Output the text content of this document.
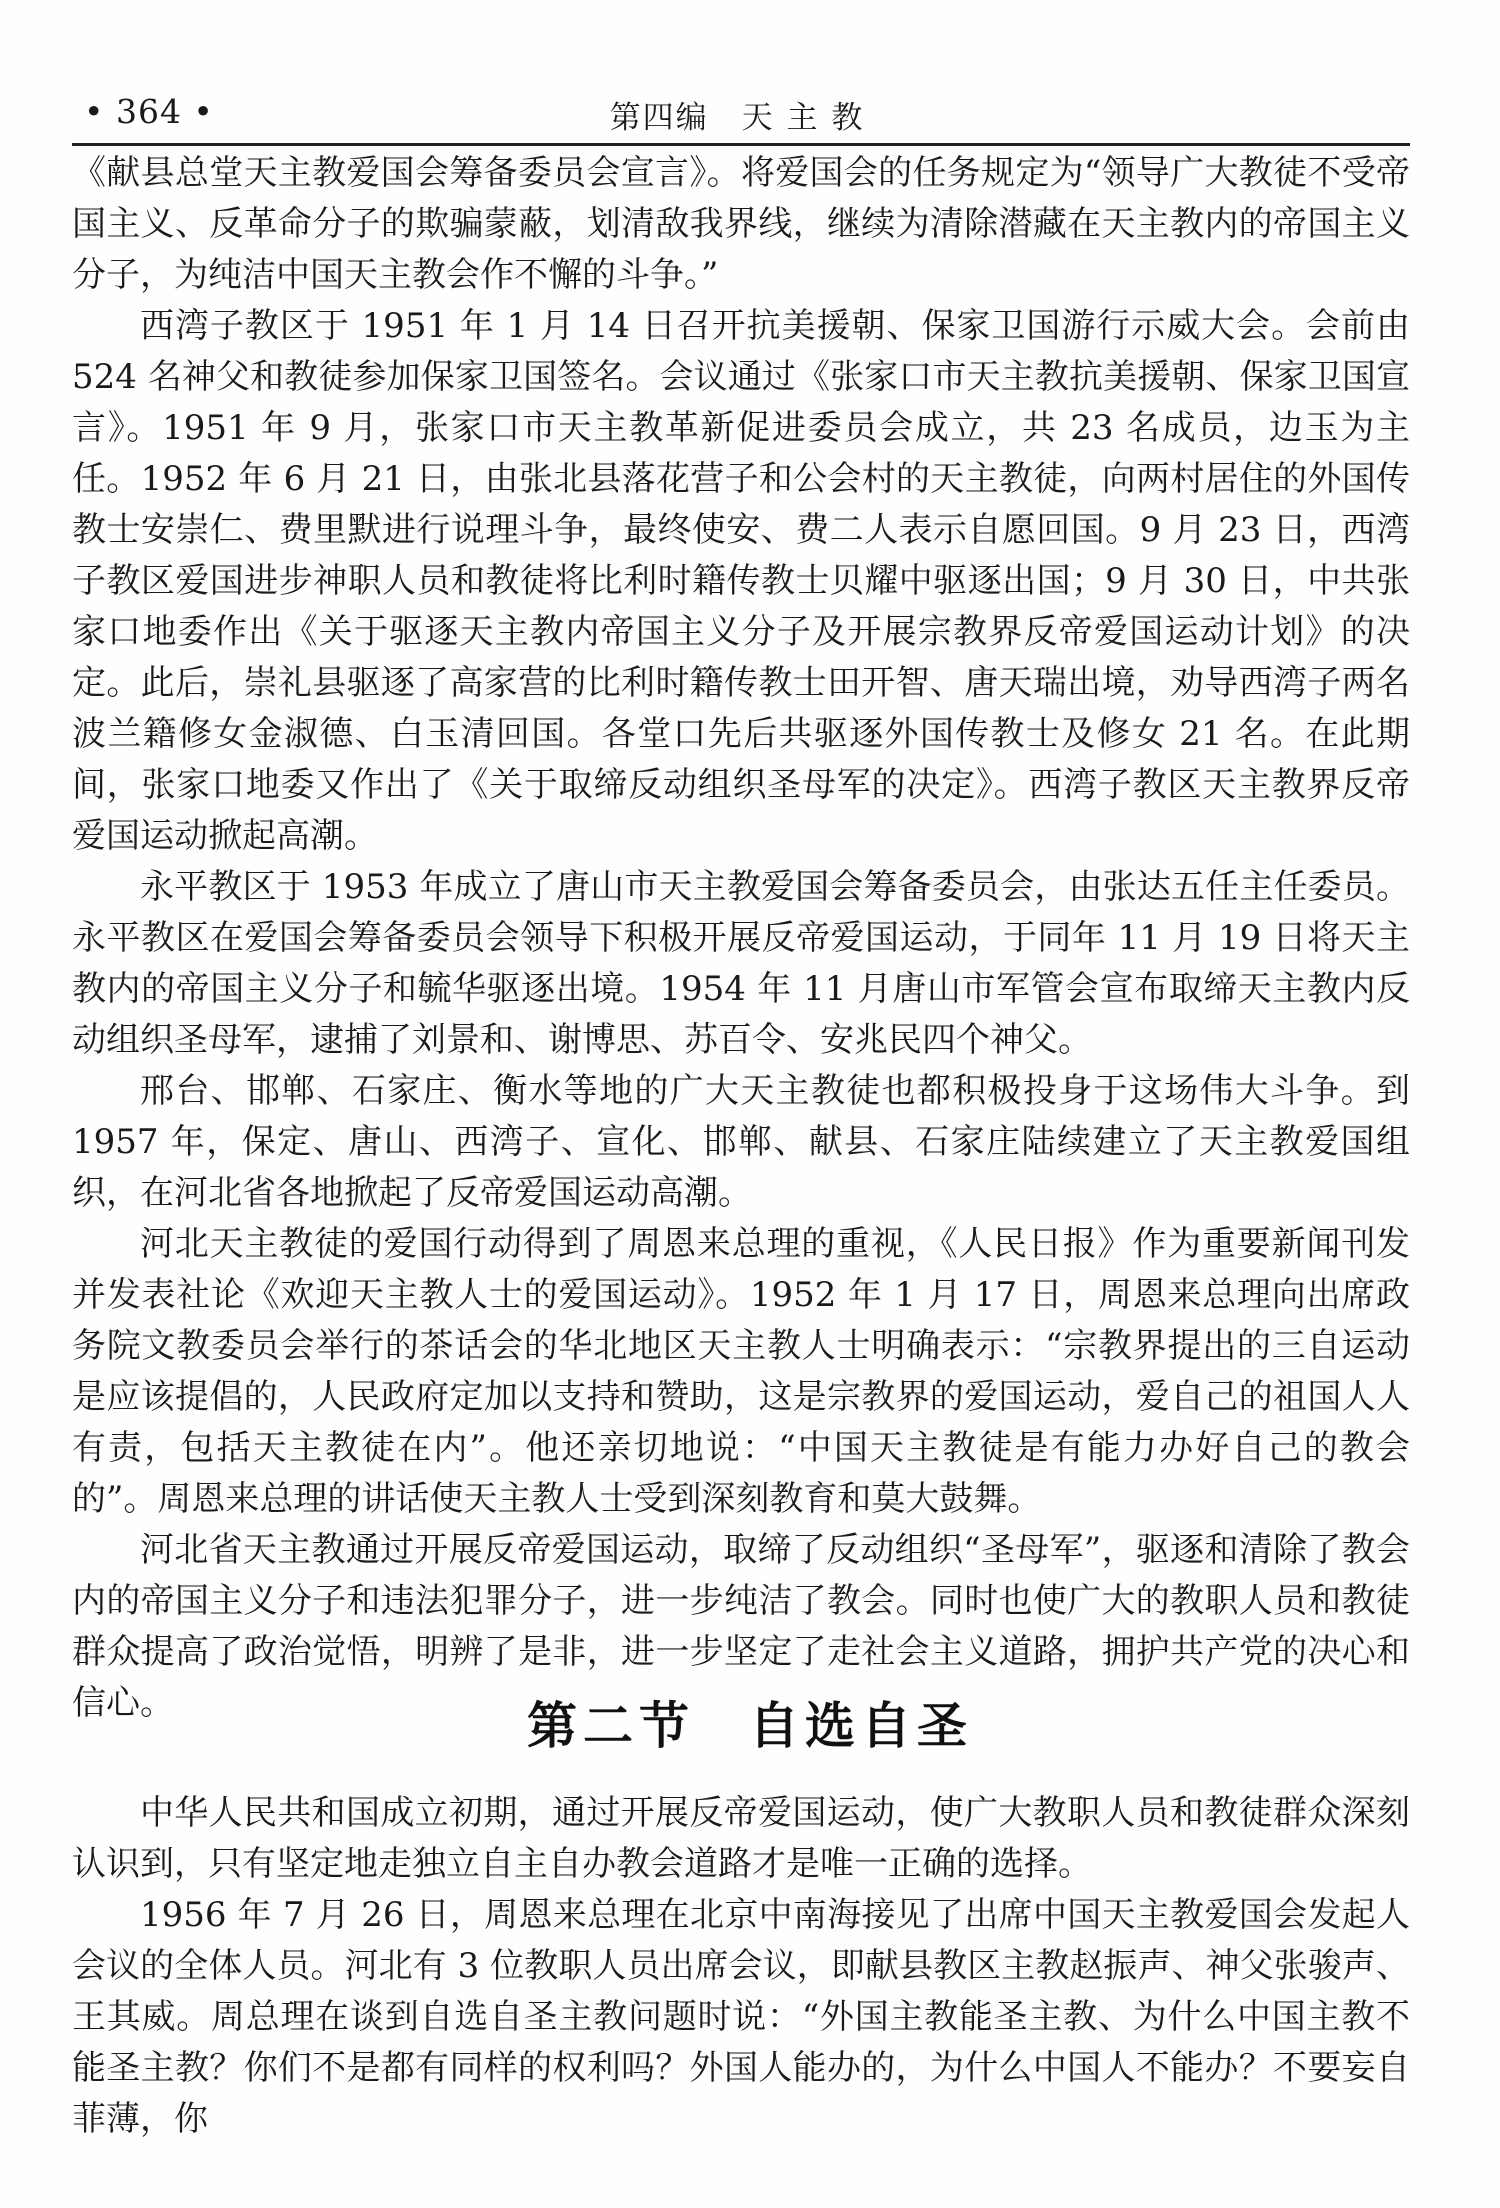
• 364 •	第四编　天 主 教

《献县总堂天主教爱国会筹备委员会宣言》。将爱国会的任务规定为“领导广大教徒不受帝国主义、反革命分子的欺骗蒙蔽，划清敌我界线，继续为清除潜藏在天主教内的帝国主义分子，为纯洁中国天主教会作不懈的斗争。”

西湾子教区于 1951 年 1 月 14 日召开抗美援朝、保家卫国游行示威大会。会前由 524 名神父和教徒参加保家卫国签名。会议通过《张家口市天主教抗美援朝、保家卫国宣言》。1951 年 9 月，张家口市天主教革新促进委员会成立，共 23 名成员，边玉为主任。1952 年 6 月 21 日，由张北县落花营子和公会村的天主教徒，向两村居住的外国传教士安崇仁、费里默进行说理斗争，最终使安、费二人表示自愿回国。9 月 23 日，西湾子教区爱国进步神职人员和教徒将比利时籍传教士贝耀中驱逐出国；9 月 30 日，中共张家口地委作出《关于驱逐天主教内帝国主义分子及开展宗教界反帝爱国运动计划》的决定。此后，崇礼县驱逐了高家营的比利时籍传教士田开智、唐天瑞出境，劝导西湾子两名波兰籍修女金淑德、白玉清回国。各堂口先后共驱逐外国传教士及修女 21 名。在此期间，张家口地委又作出了《关于取缔反动组织圣母军的决定》。西湾子教区天主教界反帝爱国运动掀起高潮。

永平教区于 1953 年成立了唐山市天主教爱国会筹备委员会，由张达五任主任委员。永平教区在爱国会筹备委员会领导下积极开展反帝爱国运动，于同年 11 月 19 日将天主教内的帝国主义分子和毓华驱逐出境。1954 年 11 月唐山市军管会宣布取缔天主教内反动组织圣母军，逮捕了刘景和、谢博思、苏百令、安兆民四个神父。

邢台、邯郸、石家庄、衡水等地的广大天主教徒也都积极投身于这场伟大斗争。到 1957 年，保定、唐山、西湾子、宣化、邯郸、献县、石家庄陆续建立了天主教爱国组织，在河北省各地掀起了反帝爱国运动高潮。

河北天主教徒的爱国行动得到了周恩来总理的重视，《人民日报》作为重要新闻刊发并发表社论《欢迎天主教人士的爱国运动》。1952 年 1 月 17 日，周恩来总理向出席政务院文教委员会举行的茶话会的华北地区天主教人士明确表示：“宗教界提出的三自运动是应该提倡的，人民政府定加以支持和赞助，这是宗教界的爱国运动，爱自己的祖国人人有责，包括天主教徒在内”。他还亲切地说：“中国天主教徒是有能力办好自己的教会的”。周恩来总理的讲话使天主教人士受到深刻教育和莫大鼓舞。

河北省天主教通过开展反帝爱国运动，取缔了反动组织“圣母军”，驱逐和清除了教会内的帝国主义分子和违法犯罪分子，进一步纯洁了教会。同时也使广大的教职人员和教徒群众提高了政治觉悟，明辨了是非，进一步坚定了走社会主义道路，拥护共产党的决心和信心。	第二节 自选自圣

中华人民共和国成立初期，通过开展反帝爱国运动，使广大教职人员和教徒群众深刻认识到，只有坚定地走独立自主自办教会道路才是唯一正确的选择。

1956 年 7 月 26 日，周恩来总理在北京中南海接见了出席中国天主教爱国会发起人会议的全体人员。河北有 3 位教职人员出席会议，即献县教区主教赵振声、神父张骏声、王其威。周总理在谈到自选自圣主教问题时说：“外国主教能圣主教、为什么中国主教不能圣主教？你们不是都有同样的权利吗？外国人能办的，为什么中国人不能办？不要妄自菲薄，你
